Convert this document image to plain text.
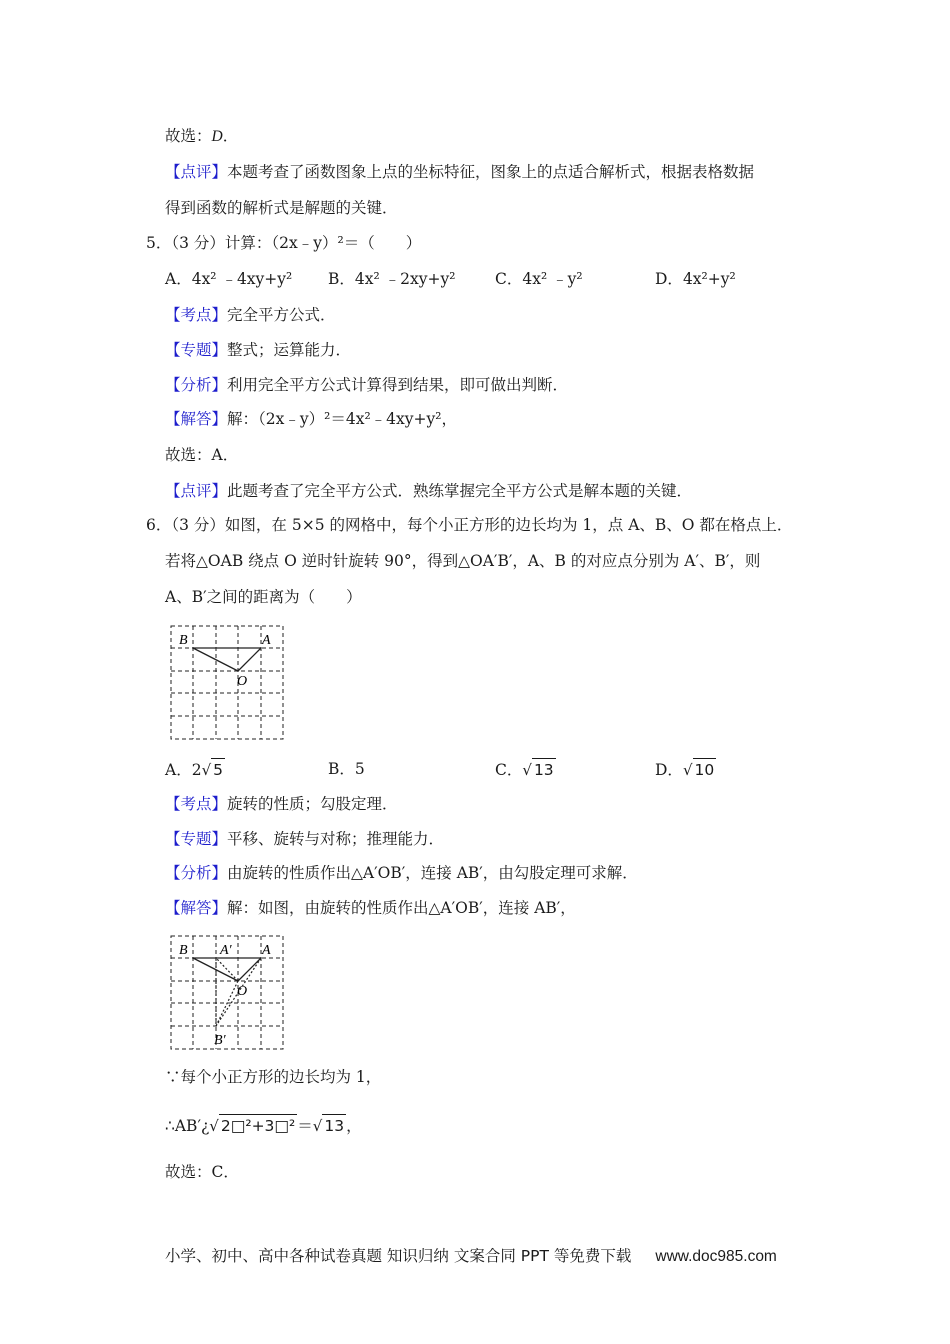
故选：D．
【点评】本题考查了函数图象上点的坐标特征，图象上的点适合解析式，根据表格数据
得到函数的解析式是解题的关键．
5．（3 分）计算：（2x﹣y）²＝（　　）
A．4x² ﹣4xy+y² B．4x² ﹣2xy+y²	C．4x² ﹣y²	D．4x²+y²
【考点】完全平方公式．
【专题】整式；运算能力．
【分析】利用完全平方公式计算得到结果，即可做出判断．
【解答】解：（2x﹣y）²＝4x²﹣4xy+y²，
故选：A．
【点评】此题考查了完全平方公式．熟练掌握完全平方公式是解本题的关键．
6．（3 分）如图，在 5×5 的网格中，每个小正方形的边长均为 1，点 A、B、O 都在格点上．
若将△OAB 绕点 O 逆时针旋转 90°，得到△OA′B′，A、B 的对应点分别为 A′、B′，则
A、B′之间的距离为（　　）
B	A
O
A．2 √ 5	B．5	C． √ 13	D． √ 10
【考点】旋转的性质；勾股定理．
【专题】平移、旋转与对称；推理能力．
【分析】由旋转的性质作出△A′OB′，连接 AB′，由勾股定理可求解．
【解答】解：如图，由旋转的性质作出△A′OB′，连接 AB′，
B A′ A
O
B′
∵每个小正方形的边长均为 1，
∴AB′¿ √ 2□²+3□² ＝ √ 13 ，
故选：C．
小学、初中、高中各种试卷真题 知识归纳 文案合同 PPT 等免费下载 www.doc985.com
